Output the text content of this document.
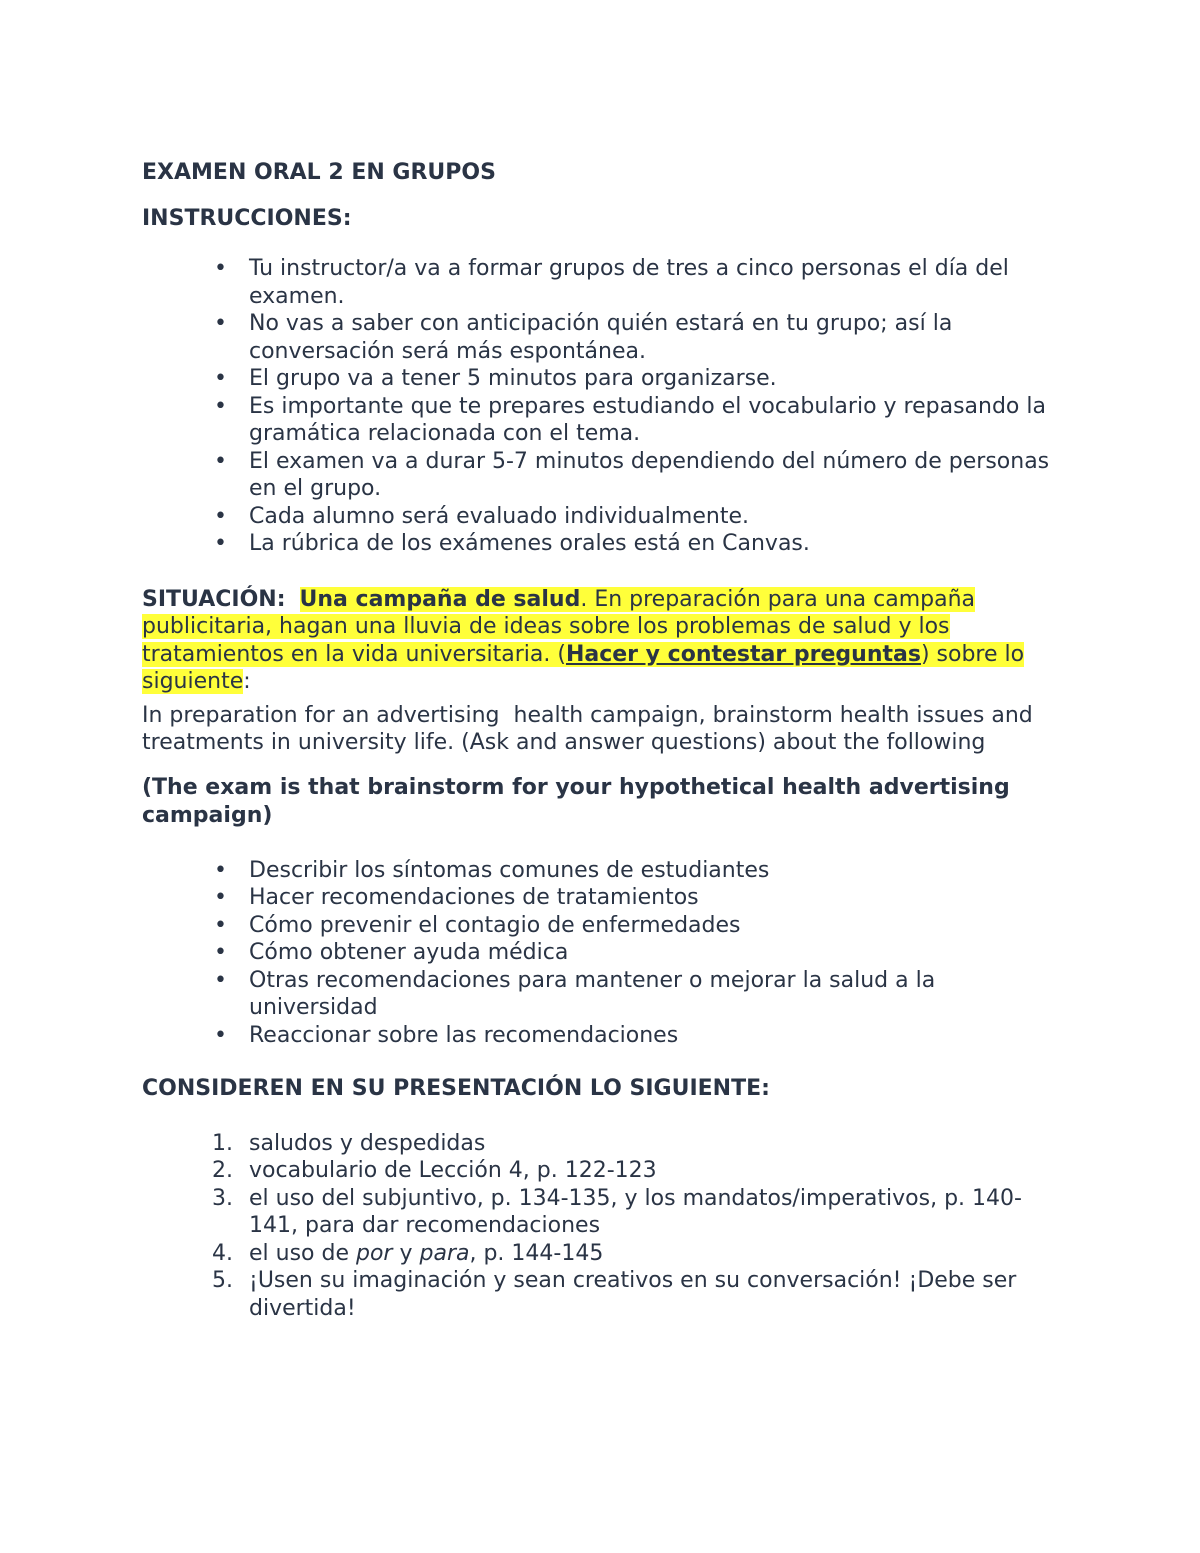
EXAMEN ORAL 2 EN GRUPOS

INSTRUCCIONES:

• Tu instructor/a va a formar grupos de tres a cinco personas el día del examen.
• No vas a saber con anticipación quién estará en tu grupo; así la conversación será más espontánea.
• El grupo va a tener 5 minutos para organizarse.
• Es importante que te prepares estudiando el vocabulario y repasando la gramática relacionada con el tema.
• El examen va a durar 5-7 minutos dependiendo del número de personas en el grupo.
• Cada alumno será evaluado individualmente.
• La rúbrica de los exámenes orales está en Canvas.

SITUACIÓN: Una campaña de salud. En preparación para una campaña publicitaria, hagan una lluvia de ideas sobre los problemas de salud y los tratamientos en la vida universitaria. (Hacer y contestar preguntas) sobre lo siguiente:

In preparation for an advertising  health campaign, brainstorm health issues and treatments in university life. (Ask and answer questions) about the following

(The exam is that brainstorm for your hypothetical health advertising campaign)

• Describir los síntomas comunes de estudiantes
• Hacer recomendaciones de tratamientos
• Cómo prevenir el contagio de enfermedades
• Cómo obtener ayuda médica
• Otras recomendaciones para mantener o mejorar la salud a la universidad
• Reaccionar sobre las recomendaciones

CONSIDEREN EN SU PRESENTACIÓN LO SIGUIENTE:

1. saludos y despedidas
2. vocabulario de Lección 4, p. 122-123
3. el uso del subjuntivo, p. 134-135, y los mandatos/imperativos, p. 140-141, para dar recomendaciones
4. el uso de por y para, p. 144-145
5. ¡Usen su imaginación y sean creativos en su conversación! ¡Debe ser divertida!
